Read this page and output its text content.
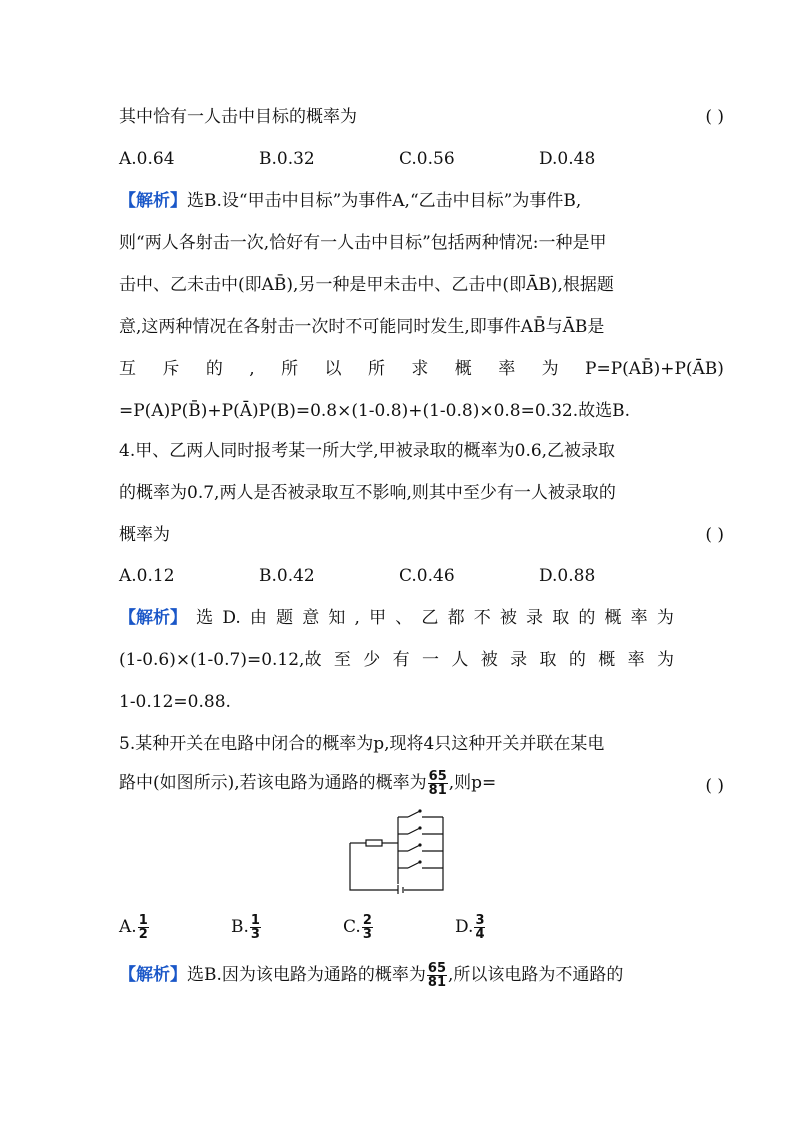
其中恰有一人击中目标的概率为	( )
A.0.64	B.0.32	C.0.56	D.0.48
【解析】选B.设“甲击中目标”为事件A,“乙击中目标”为事件B,
则“两人各射击一次,恰好有一人击中目标”包括两种情况:一种是甲
击中、乙未击中(即AB̄),另一种是甲未击中、乙击中(即ĀB),根据题
意,这两种情况在各射击一次时不可能同时发生,即事件AB̄与ĀB是
互 斥 的 , 所 以 所 求 概 率 为 P=P(AB̄)+P(ĀB)
=P(A)P(B̄)+P(Ā)P(B)=0.8×(1-0.8)+(1-0.8)×0.8=0.32.故选B.
4.甲、乙两人同时报考某一所大学,甲被录取的概率为0.6,乙被录取
的概率为0.7,两人是否被录取互不影响,则其中至少有一人被录取的
概率为	( )
A.0.12	B.0.42	C.0.46	D.0.88
【解析】 选 D. 由 题 意 知 , 甲 、 乙 都 不 被 录 取 的 概 率 为
(1-0.6)×(1-0.7)=0.12,故 至 少 有 一 人 被 录 取 的 概 率 为
1-0.12=0.88.
5.某种开关在电路中闭合的概率为p,现将4只这种开关并联在某电
路中(如图所示),若该电路为通路的概率为 $\frac{65}{81}$ ,则p=	( )
A. $\frac{1}{2}$	B. $\frac{1}{3}$	C. $\frac{2}{3}$	D. $\frac{3}{4}$
【解析】选B.因为该电路为通路的概率为 $\frac{65}{81}$ ,所以该电路为不通路的
